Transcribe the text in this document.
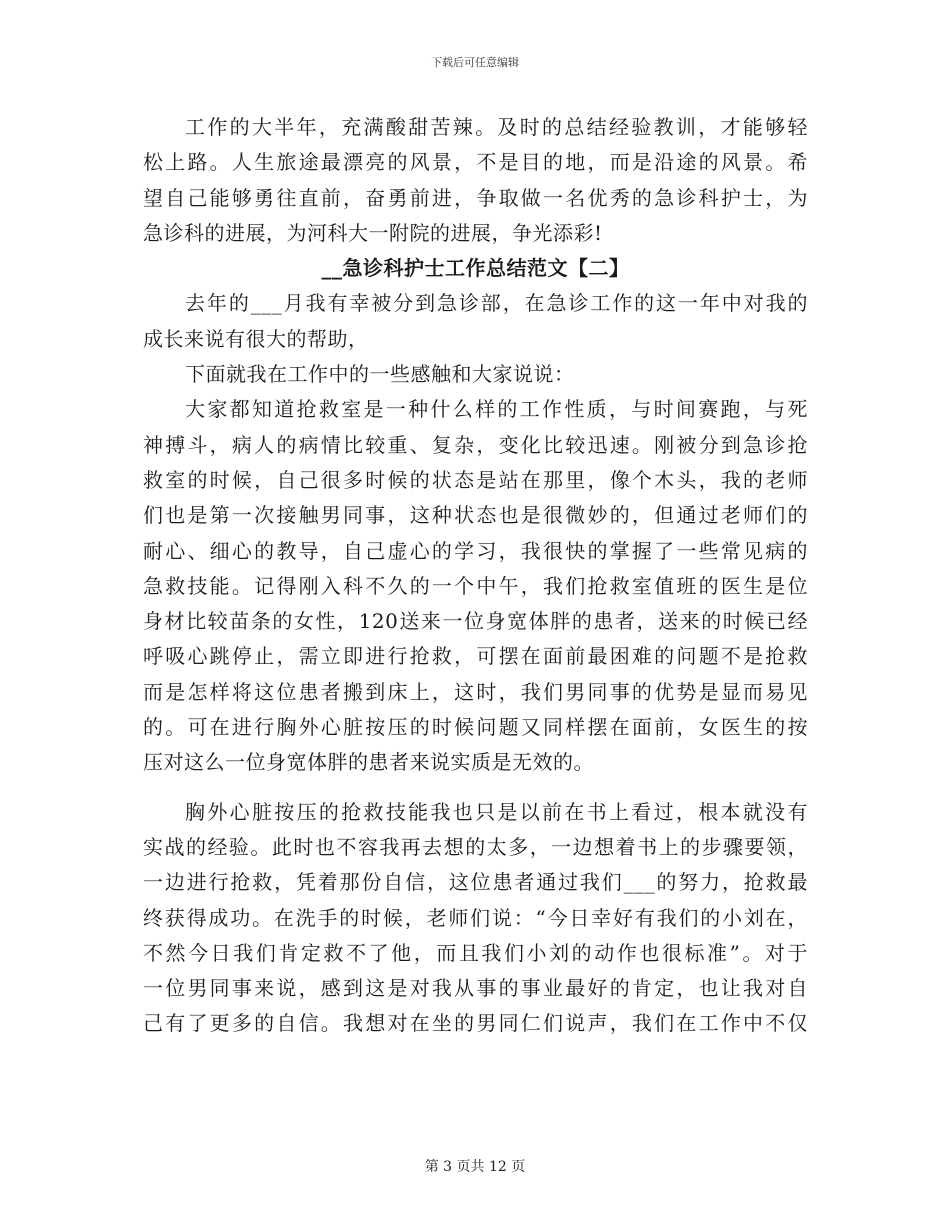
下载后可任意编辑
工作的大半年，充满酸甜苦辣。及时的总结经验教训，才能够轻
松上路。人生旅途最漂亮的风景，不是目的地，而是沿途的风景。希
望自己能够勇往直前，奋勇前进，争取做一名优秀的急诊科护士，为
急诊科的进展，为河科大一附院的进展，争光添彩!
__急诊科护士工作总结范文【二】
去年的___月我有幸被分到急诊部，在急诊工作的这一年中对我的
成长来说有很大的帮助，
下面就我在工作中的一些感触和大家说说：
大家都知道抢救室是一种什么样的工作性质，与时间赛跑，与死
神搏斗，病人的病情比较重、复杂，变化比较迅速。刚被分到急诊抢
救室的时候，自己很多时候的状态是站在那里，像个木头，我的老师
们也是第一次接触男同事，这种状态也是很微妙的，但通过老师们的
耐心、细心的教导，自己虚心的学习，我很快的掌握了一些常见病的
急救技能。记得刚入科不久的一个中午，我们抢救室值班的医生是位
身材比较苗条的女性，120送来一位身宽体胖的患者，送来的时候已经
呼吸心跳停止，需立即进行抢救，可摆在面前最困难的问题不是抢救
而是怎样将这位患者搬到床上，这时，我们男同事的优势是显而易见
的。可在进行胸外心脏按压的时候问题又同样摆在面前，女医生的按
压对这么一位身宽体胖的患者来说实质是无效的。
胸外心脏按压的抢救技能我也只是以前在书上看过，根本就没有
实战的经验。此时也不容我再去想的太多，一边想着书上的步骤要领，
一边进行抢救，凭着那份自信，这位患者通过我们___的努力，抢救最
终获得成功。在洗手的时候，老师们说：“今日幸好有我们的小刘在，
不然今日我们肯定救不了他，而且我们小刘的动作也很标准”。对于
一位男同事来说，感到这是对我从事的事业最好的肯定，也让我对自
己有了更多的自信。我想对在坐的男同仁们说声，我们在工作中不仅
第 3 页共 12 页
